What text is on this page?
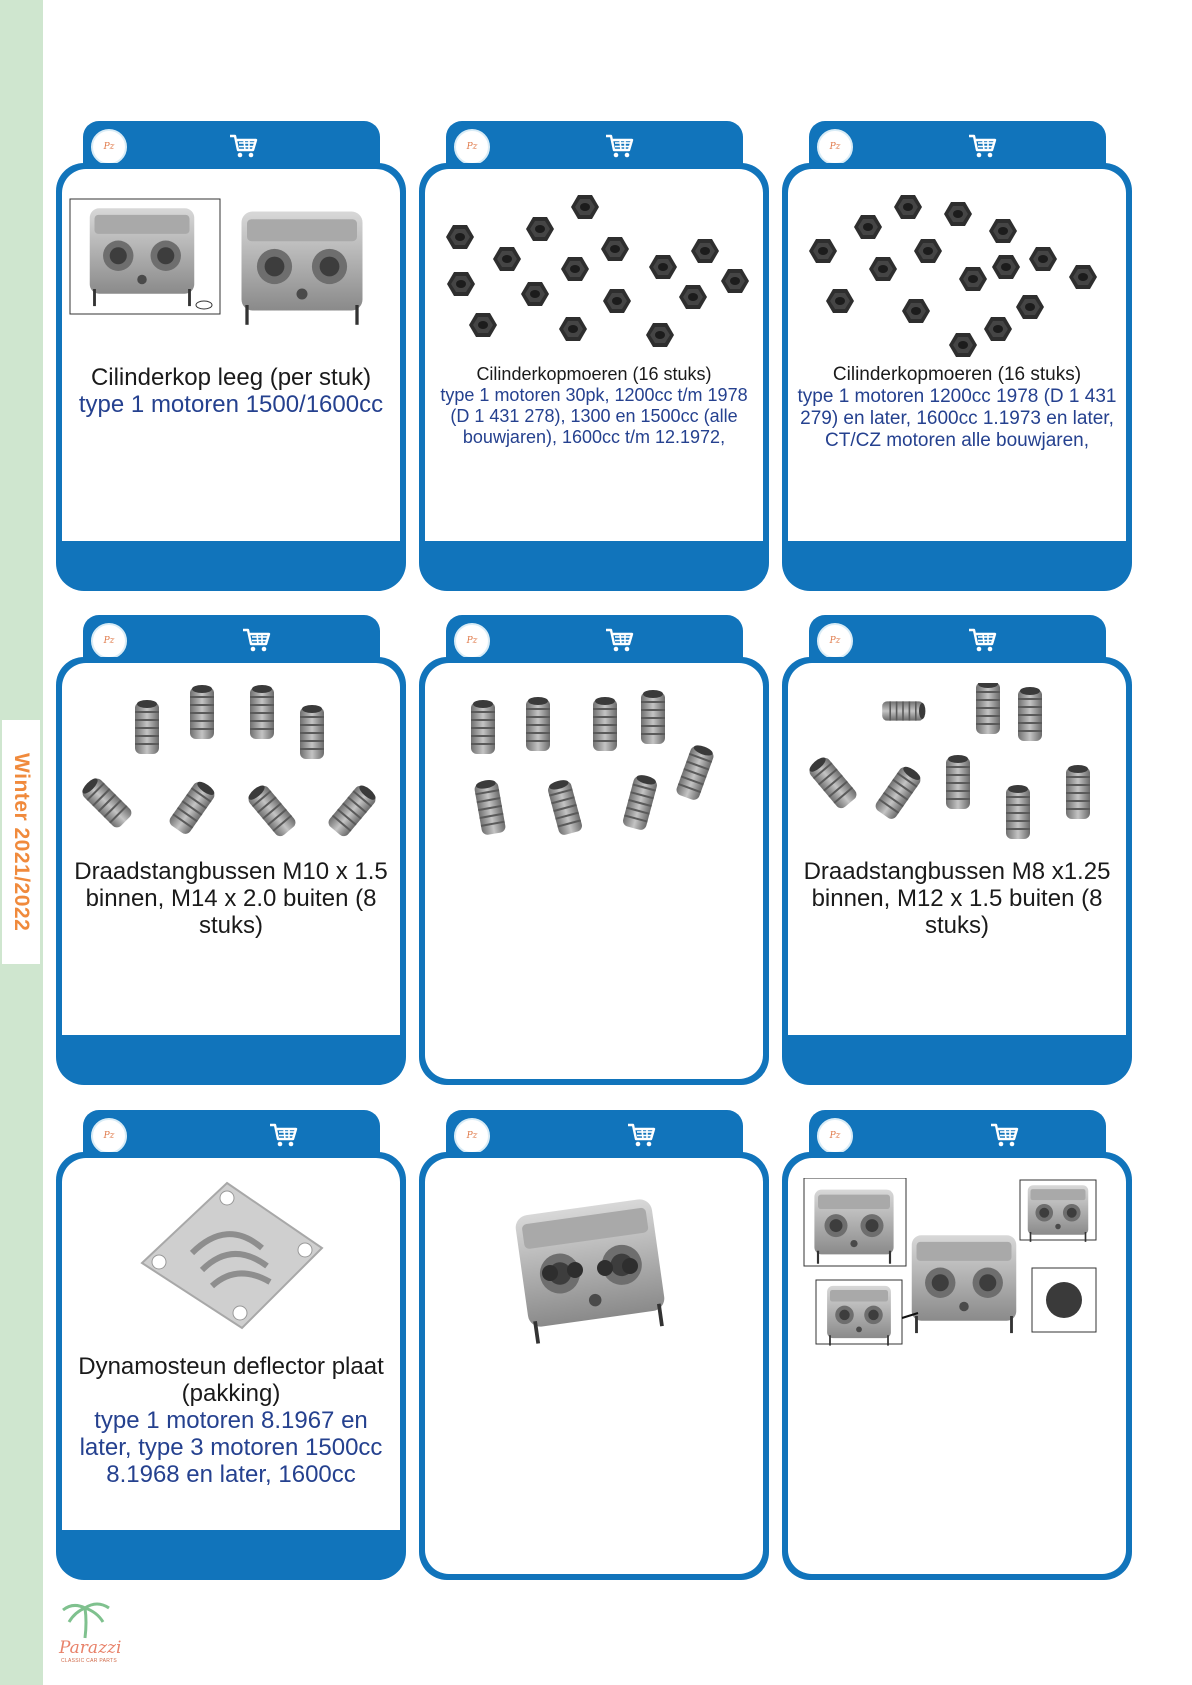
Winter 2021/2022
Pz
Cilinderkop leeg (per stuk)
type 1 motoren 1500/1600cc
Pz
Cilinderkopmoeren (16 stuks)
type 1 motoren 30pk, 1200cc t/m 1978 (D 1 431 278), 1300 en 1500cc (alle bouwjaren), 1600cc t/m 12.1972,
Pz
Cilinderkopmoeren (16 stuks)
type 1 motoren 1200cc 1978 (D 1 431 279) en later, 1600cc 1.1973 en later, CT/CZ motoren alle bouwjaren,
Pz
Draadstangbussen M10 x 1.5 binnen, M14 x 2.0 buiten (8 stuks)
Pz	Pz
Draadstangbussen M8 x1.25 binnen, M12 x 1.5 buiten (8 stuks)
Pz
Dynamosteun deflector plaat (pakking)
type 1 motoren 8.1967 en later, type 3 motoren 1500cc 8.1968 en later, 1600cc
Pz	Pz
Parazzi
CLASSIC CAR PARTS
